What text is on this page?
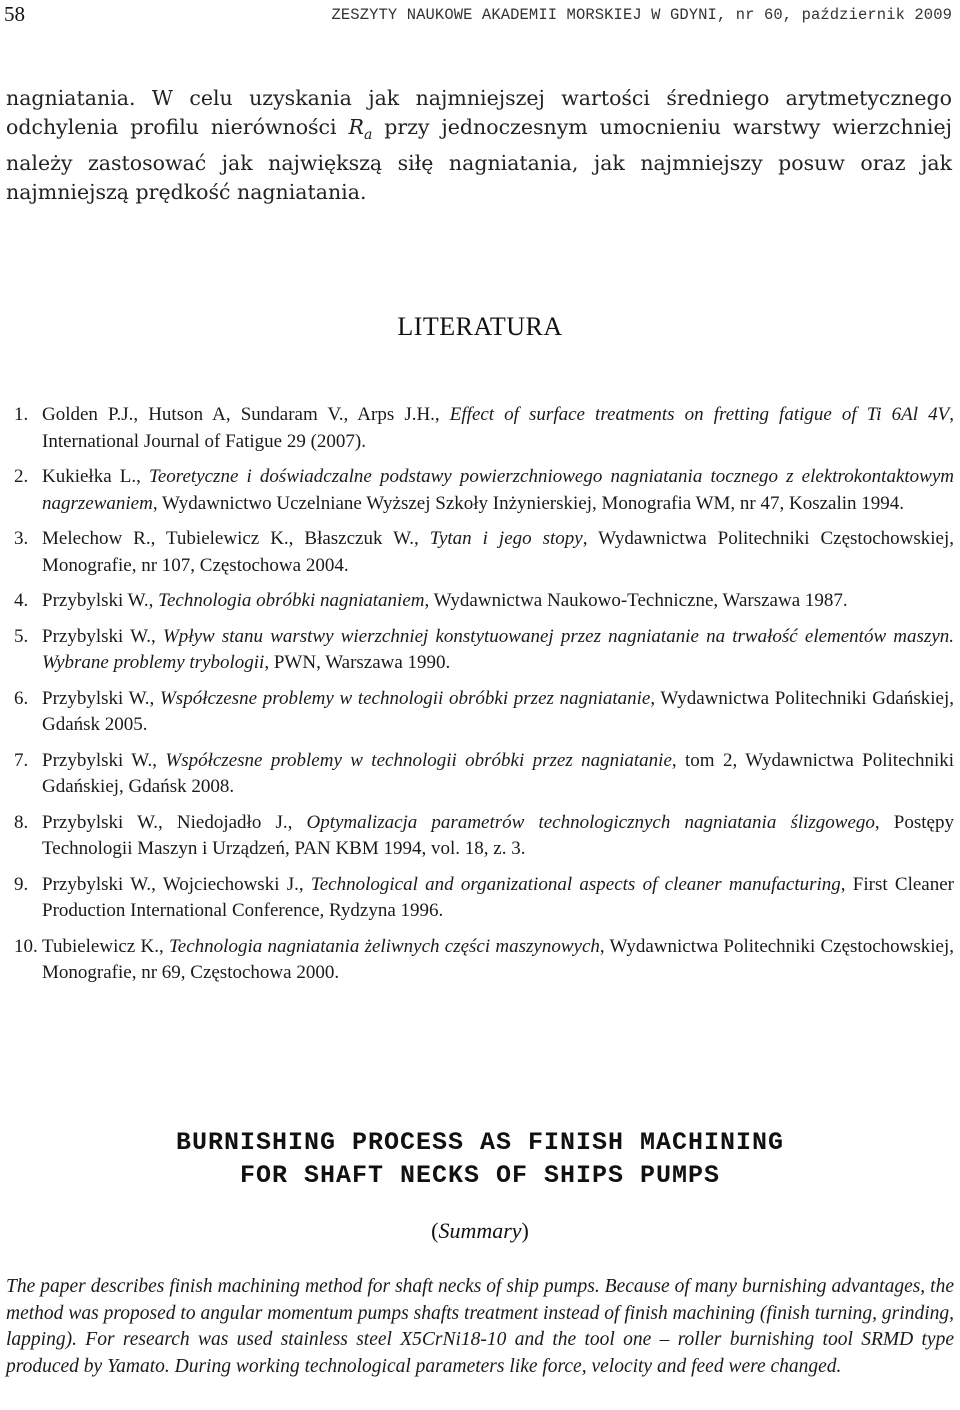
58	ZESZYTY NAUKOWE AKADEMII MORSKIEJ W GDYNI, nr 60, październik 2009

nagniatania. W celu uzyskania jak najmniejszej wartości średniego arytmetycznego odchylenia profilu nierówności $R_a$ przy jednoczesnym umocnieniu warstwy wierzchniej należy zastosować jak największą siłę nagniatania, jak najmniejszy posuw oraz jak najmniejszą prędkość nagniatania.

LITERATURA
1. Golden P.J., Hutson A, Sundaram V., Arps J.H., Effect of surface treatments on fretting fatigue of Ti 6Al 4V, International Journal of Fatigue 29 (2007).
2. Kukiełka L., Teoretyczne i doświadczalne podstawy powierzchniowego nagniatania tocznego z elektrokontaktowym nagrzewaniem, Wydawnictwo Uczelniane Wyższej Szkoły Inżynierskiej, Monografia WM, nr 47, Koszalin 1994.
3. Melechow R., Tubielewicz K., Błaszczuk W., Tytan i jego stopy, Wydawnictwa Politechniki Częstochowskiej, Monografie, nr 107, Częstochowa 2004.
4. Przybylski W., Technologia obróbki nagniataniem, Wydawnictwa Naukowo-Techniczne, Warszawa 1987.
5. Przybylski W., Wpływ stanu warstwy wierzchniej konstytuowanej przez nagniatanie na trwałość elementów maszyn. Wybrane problemy trybologii, PWN, Warszawa 1990.
6. Przybylski W., Współczesne problemy w technologii obróbki przez nagniatanie, Wydawnictwa Politechniki Gdańskiej, Gdańsk 2005.
7. Przybylski W., Współczesne problemy w technologii obróbki przez nagniatanie, tom 2, Wydawnictwa Politechniki Gdańskiej, Gdańsk 2008.
8. Przybylski W., Niedojadło J., Optymalizacja parametrów technologicznych nagniatania ślizgowego, Postępy Technologii Maszyn i Urządzeń, PAN KBM 1994, vol. 18, z. 3.
9. Przybylski W., Wojciechowski J., Technological and organizational aspects of cleaner manufacturing, First Cleaner Production International Conference, Rydzyna 1996.
10. Tubielewicz K., Technologia nagniatania żeliwnych części maszynowych, Wydawnictwa Politechniki Częstochowskiej, Monografie, nr 69, Częstochowa 2000.
BURNISHING PROCESS AS FINISH MACHINING
FOR SHAFT NECKS OF SHIPS PUMPS
(Summary)

The paper describes finish machining method for shaft necks of ship pumps. Because of many burnishing advantages, the method was proposed to angular momentum pumps shafts treatment instead of finish machining (finish turning, grinding, lapping). For research was used stainless steel X5CrNi18-10 and the tool one – roller burnishing tool SRMD type produced by Yamato. During working technological parameters like force, velocity and feed were changed.
